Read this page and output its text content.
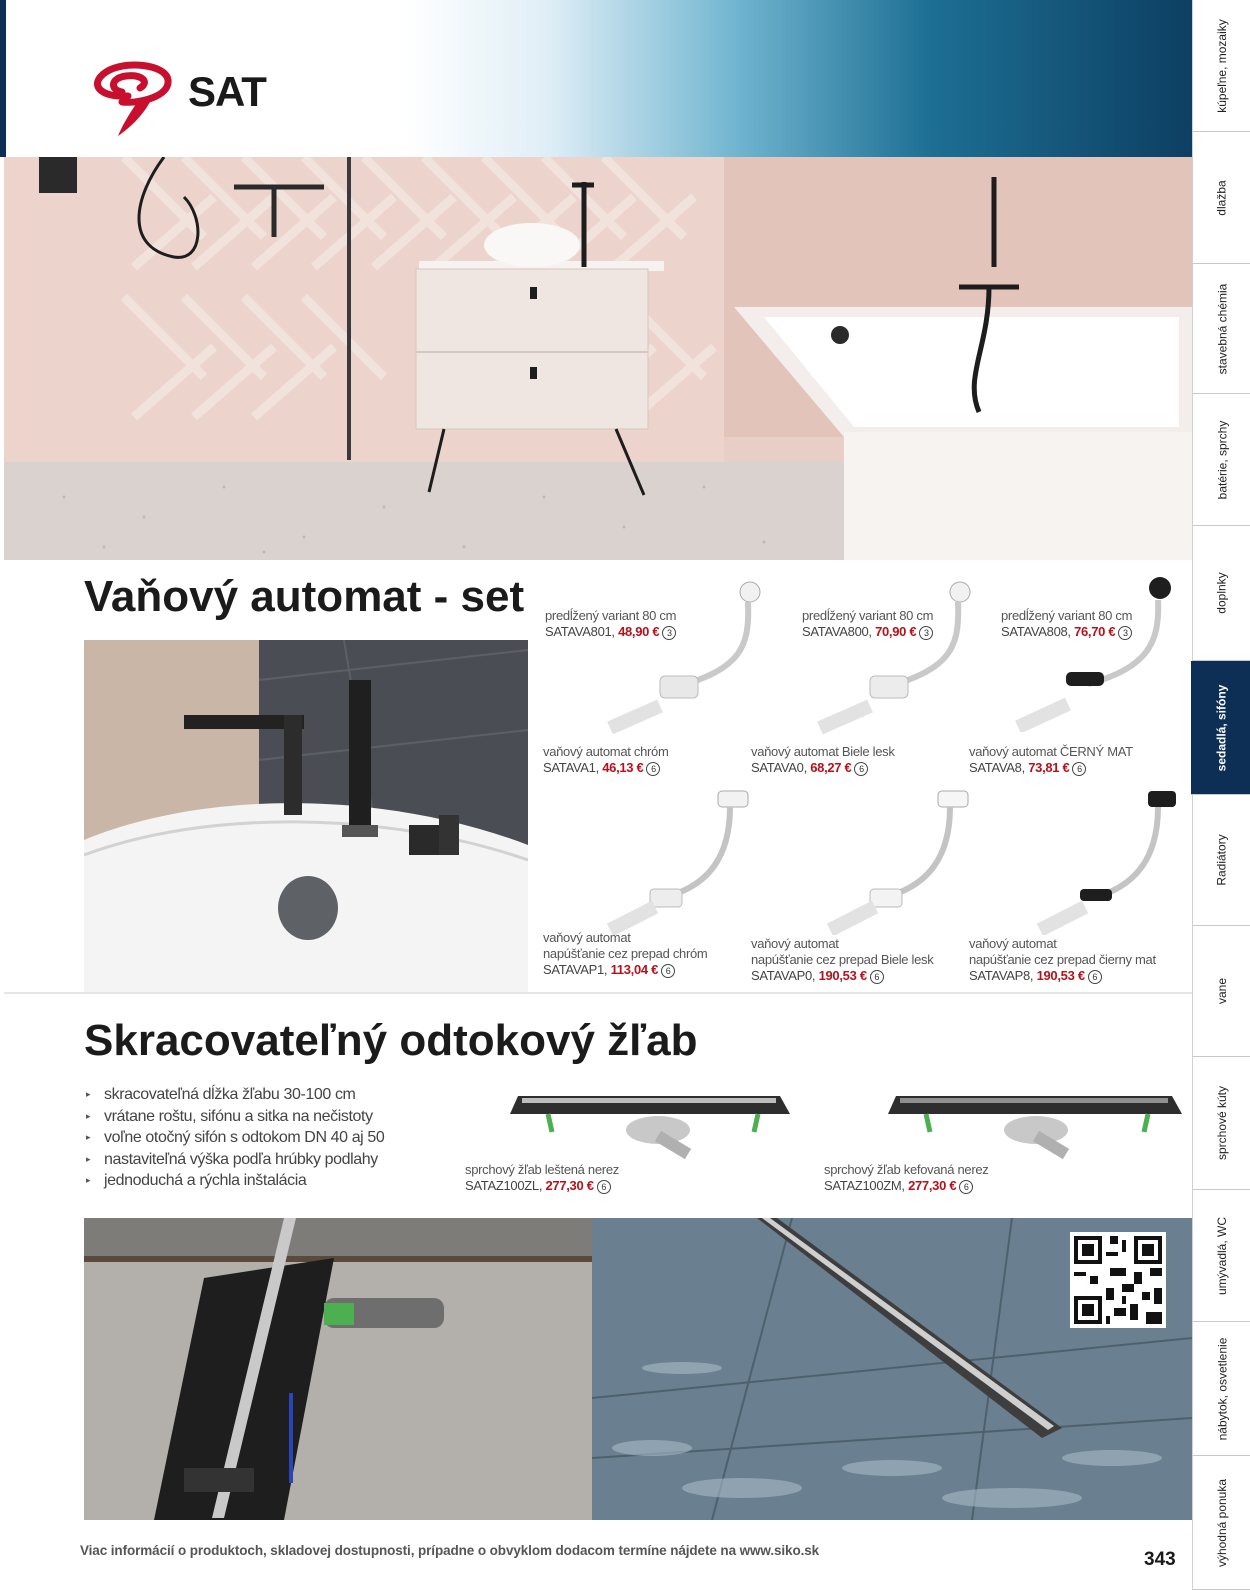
SAT	kúpeľne, mozaiky
dlažba
stavebná chémia
batérie, sprchy
doplnky
sedadlá, sifóny
Radiátory
vane
sprchové kúty
umývadlá, WC
nábytok, osvetlenie
výhodná ponuka
Vaňový automat - set predĺžený variant 80 cm
SATAVA801, 48,90 € 3
predĺžený variant 80 cm
SATAVA800, 70,90 € 3
predĺžený variant 80 cm
SATAVA808, 76,70 € 3
vaňový automat chróm
SATAVA1, 46,13 € 6
vaňový automat Biele lesk
SATAVA0, 68,27 € 6
vaňový automat ČERNÝ MAT
SATAVA8, 73,81 € 6
vaňový automat
napúšťanie cez prepad chróm
SATAVAP1, 113,04 € 6
vaňový automat
napúšťanie cez prepad Biele lesk
SATAVAP0, 190,53 € 6
vaňový automat
napúšťanie cez prepad čierny mat
SATAVAP8, 190,53 € 6
Skracovateľný odtokový žľab
▸ skracovateľná dĺžka žľabu 30-100 cm
▸ vrátane roštu, sifónu a sitka na nečistoty
▸ voľne otočný sifón s odtokom DN 40 aj 50
▸ nastaviteľná výška podľa hrúbky podlahy
▸ jednoduchá a rýchla inštalácia
sprchový žľab leštená nerez
SATAZ100ZL, 277,30 € 6
sprchový žľab kefovaná nerez
SATAZ100ZM, 277,30 € 6
Viac informácií o produktoch, skladovej dostupnosti, prípadne o obvyklom dodacom termíne nájdete na www.siko.sk	343
